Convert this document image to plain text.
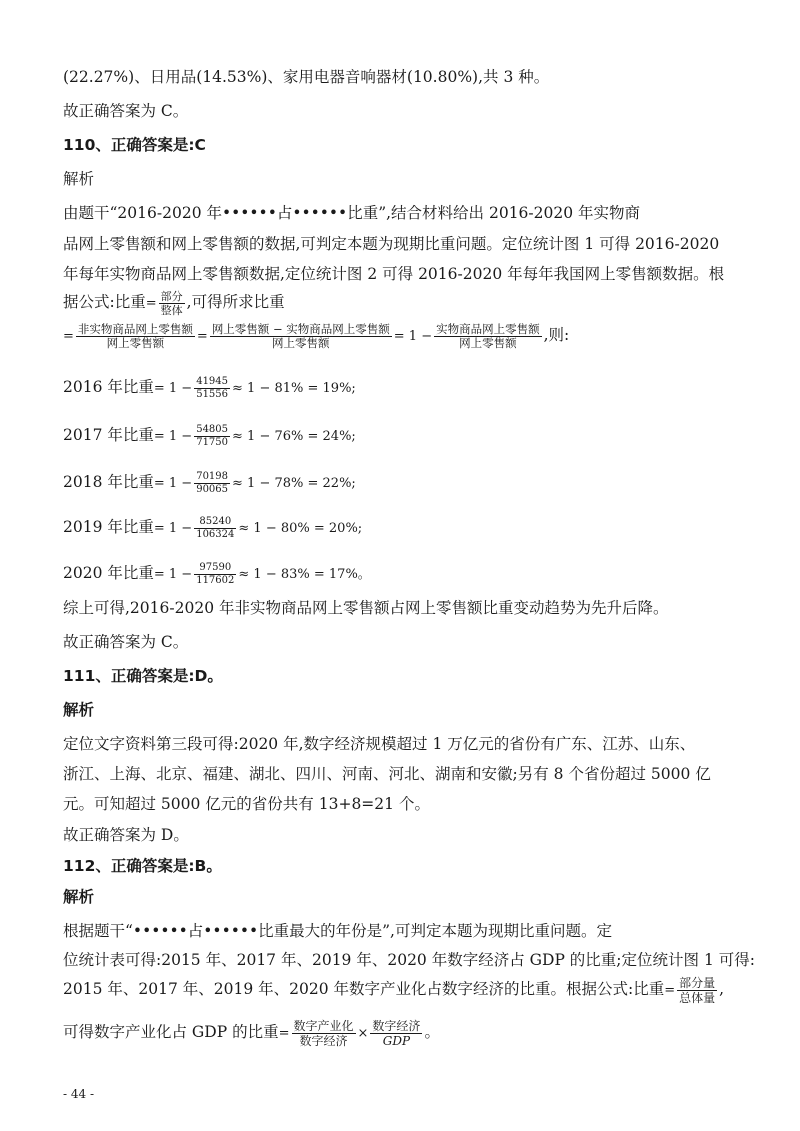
(22.27%)、日用品(14.53%)、家用电器音响器材(10.80%),共 3 种。
故正确答案为 C。
110、正确答案是:C
解析
由题干“2016-2020 年••••••占••••••比重”,结合材料给出 2016-2020 年实物商
品网上零售额和网上零售额的数据,可判定本题为现期比重问题。定位统计图 1 可得 2016-2020
年每年实物商品网上零售额数据,定位统计图 2 可得 2016-2020 年每年我国网上零售额数据。根
据公式:比重= $\frac{\text{部分}}{\text{整体}}$ ,可得所求比重
= $\frac{\text{非实物商品网上零售额}}{\text{网上零售额}} = \frac{\text{网上零售额 − 实物商品网上零售额}}{\text{网上零售额}} = 1 - \frac{\text{实物商品网上零售额}}{\text{网上零售额}}$ ,则:
2016 年比重= $1 - \frac{41945}{51556} \approx 1 - 81\% = 19\%$;
2017 年比重= $1 - \frac{54805}{71750} \approx 1 - 76\% = 24\%$;
2018 年比重= $1 - \frac{70198}{90065} \approx 1 - 78\% = 22\%$;
2019 年比重= $1 - \frac{85240}{106324} \approx 1 - 80\% = 20\%$;
2020 年比重= $1 - \frac{97590}{117602} \approx 1 - 83\% = 17\%$。
综上可得,2016-2020 年非实物商品网上零售额占网上零售额比重变动趋势为先升后降。
故正确答案为 C。
111、正确答案是:D。
解析
定位文字资料第三段可得:2020 年,数字经济规模超过 1 万亿元的省份有广东、江苏、山东、
浙江、上海、北京、福建、湖北、四川、河南、河北、湖南和安徽;另有 8 个省份超过 5000 亿
元。可知超过 5000 亿元的省份共有 13+8=21 个。
故正确答案为 D。
112、正确答案是:B。
解析
根据题干“••••••占••••••比重最大的年份是”,可判定本题为现期比重问题。定
位统计表可得:2015 年、2017 年、2019 年、2020 年数字经济占 GDP 的比重;定位统计图 1 可得:
2015 年、2017 年、2019 年、2020 年数字产业化占数字经济的比重。根据公式:比重= $\frac{\text{部分量}}{\text{总体量}}$ ,
可得数字产业化占 GDP 的比重= $\frac{\text{数字产业化}}{\text{数字经济}} \times \frac{\text{数字经济}}{\text{GDP}}$ 。
- 44 -
